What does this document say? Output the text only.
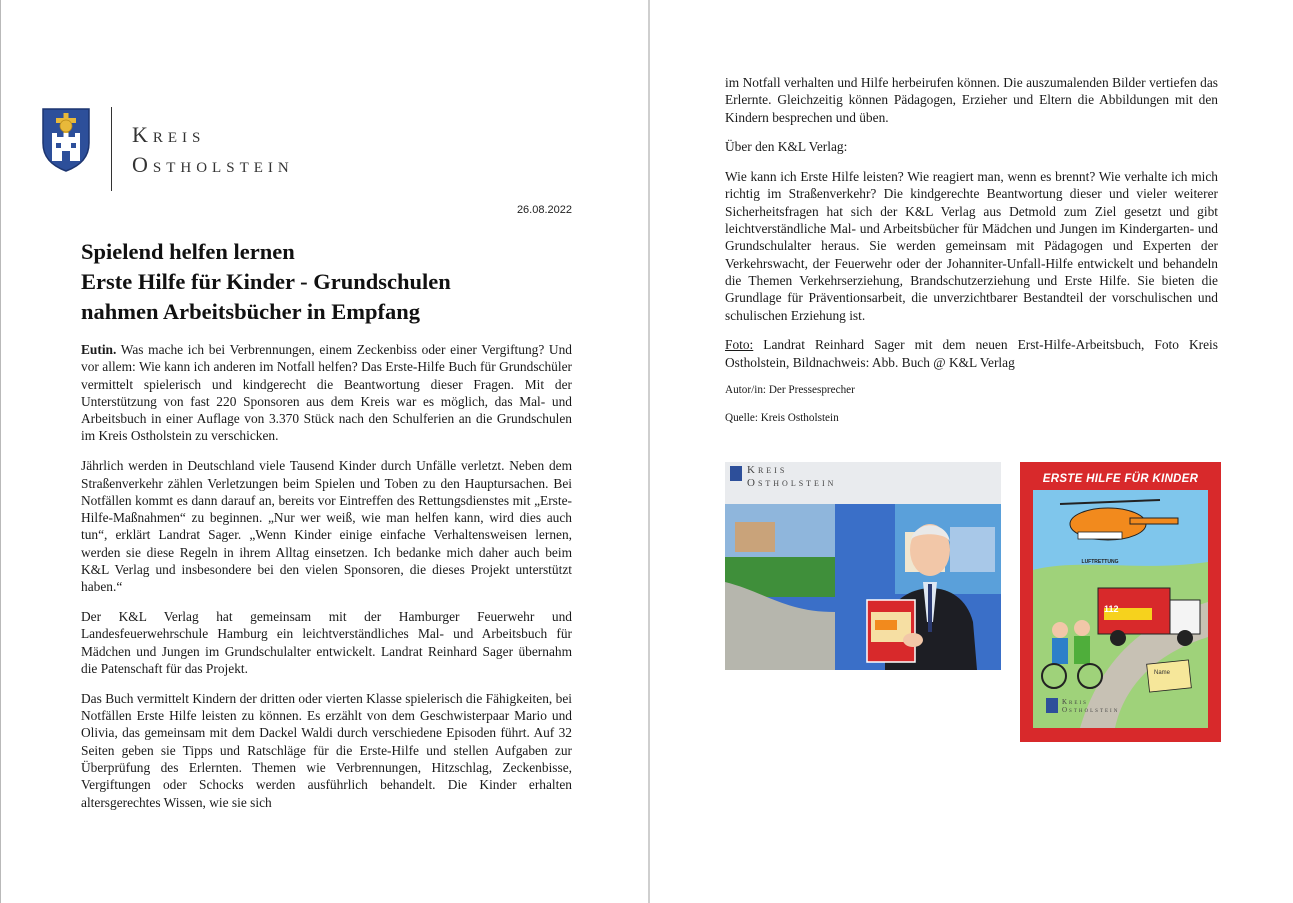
Kreis
Ostholstein
26.08.2022
Spielend helfen lernen
Erste Hilfe für Kinder - Grundschulen
nahmen Arbeitsbücher in Empfang

Eutin. Was mache ich bei Verbrennungen, einem Zeckenbiss oder einer Vergiftung? Und vor allem: Wie kann ich anderen im Notfall helfen? Das Erste-Hilfe Buch für Grundschüler vermittelt spielerisch und kindgerecht die Beantwortung dieser Fragen. Mit der Unterstützung von fast 220 Sponsoren aus dem Kreis war es möglich, das Mal- und Arbeitsbuch in einer Auflage von 3.370 Stück nach den Schulferien an die Grundschulen im Kreis Ostholstein zu verschicken.

Jährlich werden in Deutschland viele Tausend Kinder durch Unfälle verletzt. Neben dem Straßenverkehr zählen Verletzungen beim Spielen und Toben zu den Hauptursachen. Bei Notfällen kommt es dann darauf an, bereits vor Eintreffen des Rettungsdienstes mit „Erste-Hilfe-Maßnahmen“ zu beginnen. „Nur wer weiß, wie man helfen kann, wird dies auch tun“, erklärt Landrat Sager. „Wenn Kinder einige einfache Verhaltensweisen lernen, werden sie diese Regeln in ihrem Alltag einsetzen. Ich bedanke mich daher auch beim K&L Verlag und insbesondere bei den vielen Sponsoren, die dieses Projekt unterstützt haben.“

Der K&L Verlag hat gemeinsam mit der Hamburger Feuerwehr und Landesfeuerwehrschule Hamburg ein leichtverständliches Mal- und Arbeitsbuch für Mädchen und Jungen im Grundschulalter entwickelt. Landrat Reinhard Sager übernahm die Patenschaft für das Projekt.

Das Buch vermittelt Kindern der dritten oder vierten Klasse spielerisch die Fähigkeiten, bei Notfällen Erste Hilfe leisten zu können. Es erzählt von dem Geschwisterpaar Mario und Olivia, das gemeinsam mit dem Dackel Waldi durch verschiedene Episoden führt. Auf 32 Seiten geben sie Tipps und Ratschläge für die Erste-Hilfe und stellen Aufgaben zur Überprüfung des Erlernten. Themen wie Verbrennungen, Hitzschlag, Zeckenbisse, Vergiftungen oder Schocks werden ausführlich behandelt. Die Kinder erhalten altersgerechtes Wissen, wie sie sich

im Notfall verhalten und Hilfe herbeirufen können. Die auszumalenden Bilder vertiefen das Erlernte. Gleichzeitig können Pädagogen, Erzieher und Eltern die Abbildungen mit den Kindern besprechen und üben.

Über den K&L Verlag:

Wie kann ich Erste Hilfe leisten? Wie reagiert man, wenn es brennt? Wie verhalte ich mich richtig im Straßenverkehr? Die kindgerechte Beantwortung dieser und vieler weiterer Sicherheitsfragen hat sich der K&L Verlag aus Detmold zum Ziel gesetzt und gibt leichtverständliche Mal- und Arbeitsbücher für Mädchen und Jungen im Kindergarten- und Grundschulalter heraus. Sie werden gemeinsam mit Pädagogen und Experten der Verkehrswacht, der Feuerwehr oder der Johanniter-Unfall-Hilfe entwickelt und behandeln die Themen Verkehrserziehung, Brandschutzerziehung und Erste Hilfe. Sie bieten die Grundlage für Präventionsarbeit, die unverzichtbarer Bestandteil der vorschulischen und schulischen Erziehung ist.

Foto: Landrat Reinhard Sager mit dem neuen Erst-Hilfe-Arbeitsbuch, Foto Kreis Ostholstein, Bildnachweis: Abb. Buch @ K&L Verlag

Autor/in: Der Pressesprecher

Quelle: Kreis Ostholstein

Kreis
Ostholstein	ERSTE HILFE FÜR KINDER
LUFTRETTUNG
112
Name
Kreis
Ostholstein
